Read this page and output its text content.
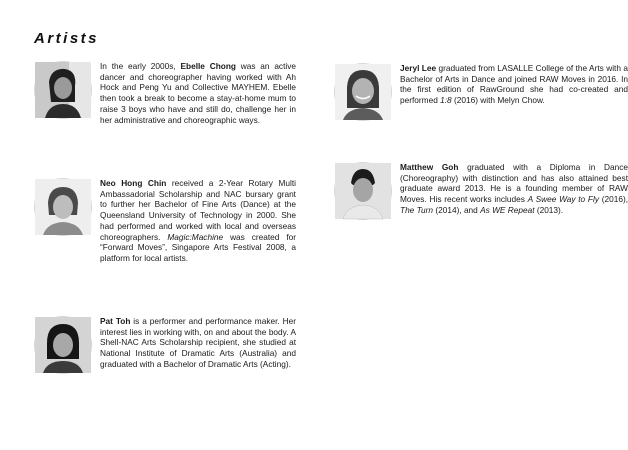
Artists
In the early 2000s, Ebelle Chong was an active dancer and choreographer having worked with Ah Hock and Peng Yu and Collective MAYHEM. Ebelle then took a break to become a stay-at-home mum to raise 3 boys who have and still do, challenge her in her administrative and choreographic ways.
Neo Hong Chin received a 2-Year Rotary Multi Ambassadorial Scholarship and NAC bursary grant to further her Bachelor of Fine Arts (Dance) at the Queensland University of Technology in 2000. She had performed and worked with local and overseas choreographers. Magic:Machine was created for “Forward Moves”, Singapore Arts Festival 2008, a platform for local artists.
Pat Toh is a performer and performance maker. Her interest lies in working with, on and about the body. A Shell-NAC Arts Scholarship recipient, she studied at National Institute of Dramatic Arts (Australia) and graduated with a Bachelor of Dramatic Arts (Acting).
Jeryl Lee graduated from LASALLE College of the Arts with a Bachelor of Arts in Dance and joined RAW Moves in 2016. In the first edition of RawGround she had co-created and performed 1:8 (2016) with Melyn Chow.
Matthew Goh graduated with a Diploma in Dance (Choreography) with distinction and has also attained best graduate award 2013. He is a founding member of RAW Moves. His recent works includes A Swee Way to Fly (2016), The Turn (2014), and As WE Repeat (2013).
